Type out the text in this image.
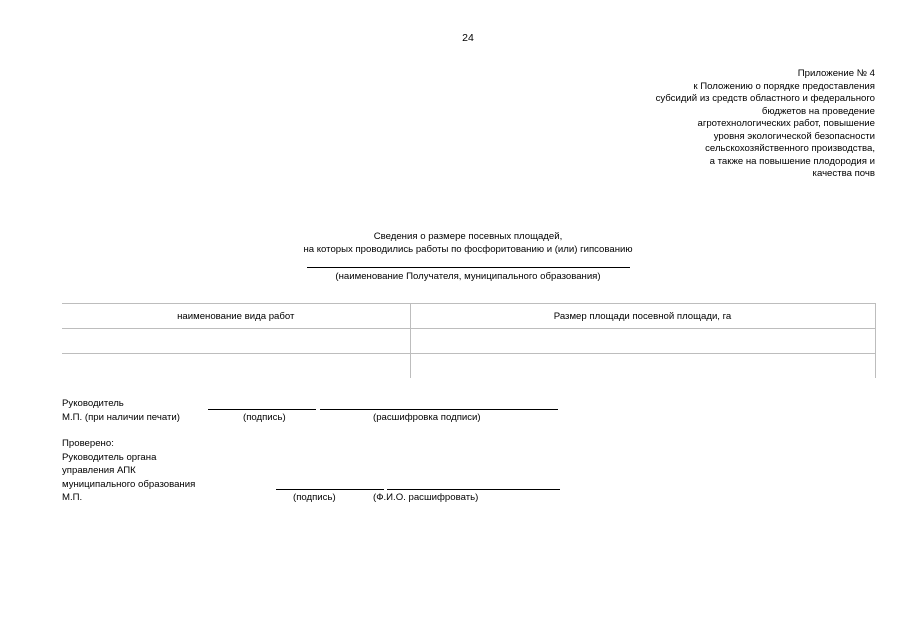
24
Приложение № 4
к Положению о порядке предоставления
субсидий из средств областного и федерального
бюджетов на проведение
агротехнологических работ, повышение
уровня экологической безопасности
сельскохозяйственного производства,
а также на повышение плодородия и
качества почв
Сведения о размере посевных площадей,
на которых проводились работы по фосфоритованию и (или) гипсованию
(наименование Получателя, муниципального образования)
наименование вида работ	Размер площади посевной площади, га

Руководитель
М.П. (при наличии печати)	(подпись)	(расшифровка подписи)
Проверено:
Руководитель органа
управления АПК
муниципального образования
М.П.	(подпись)	(Ф.И.О. расшифровать)
